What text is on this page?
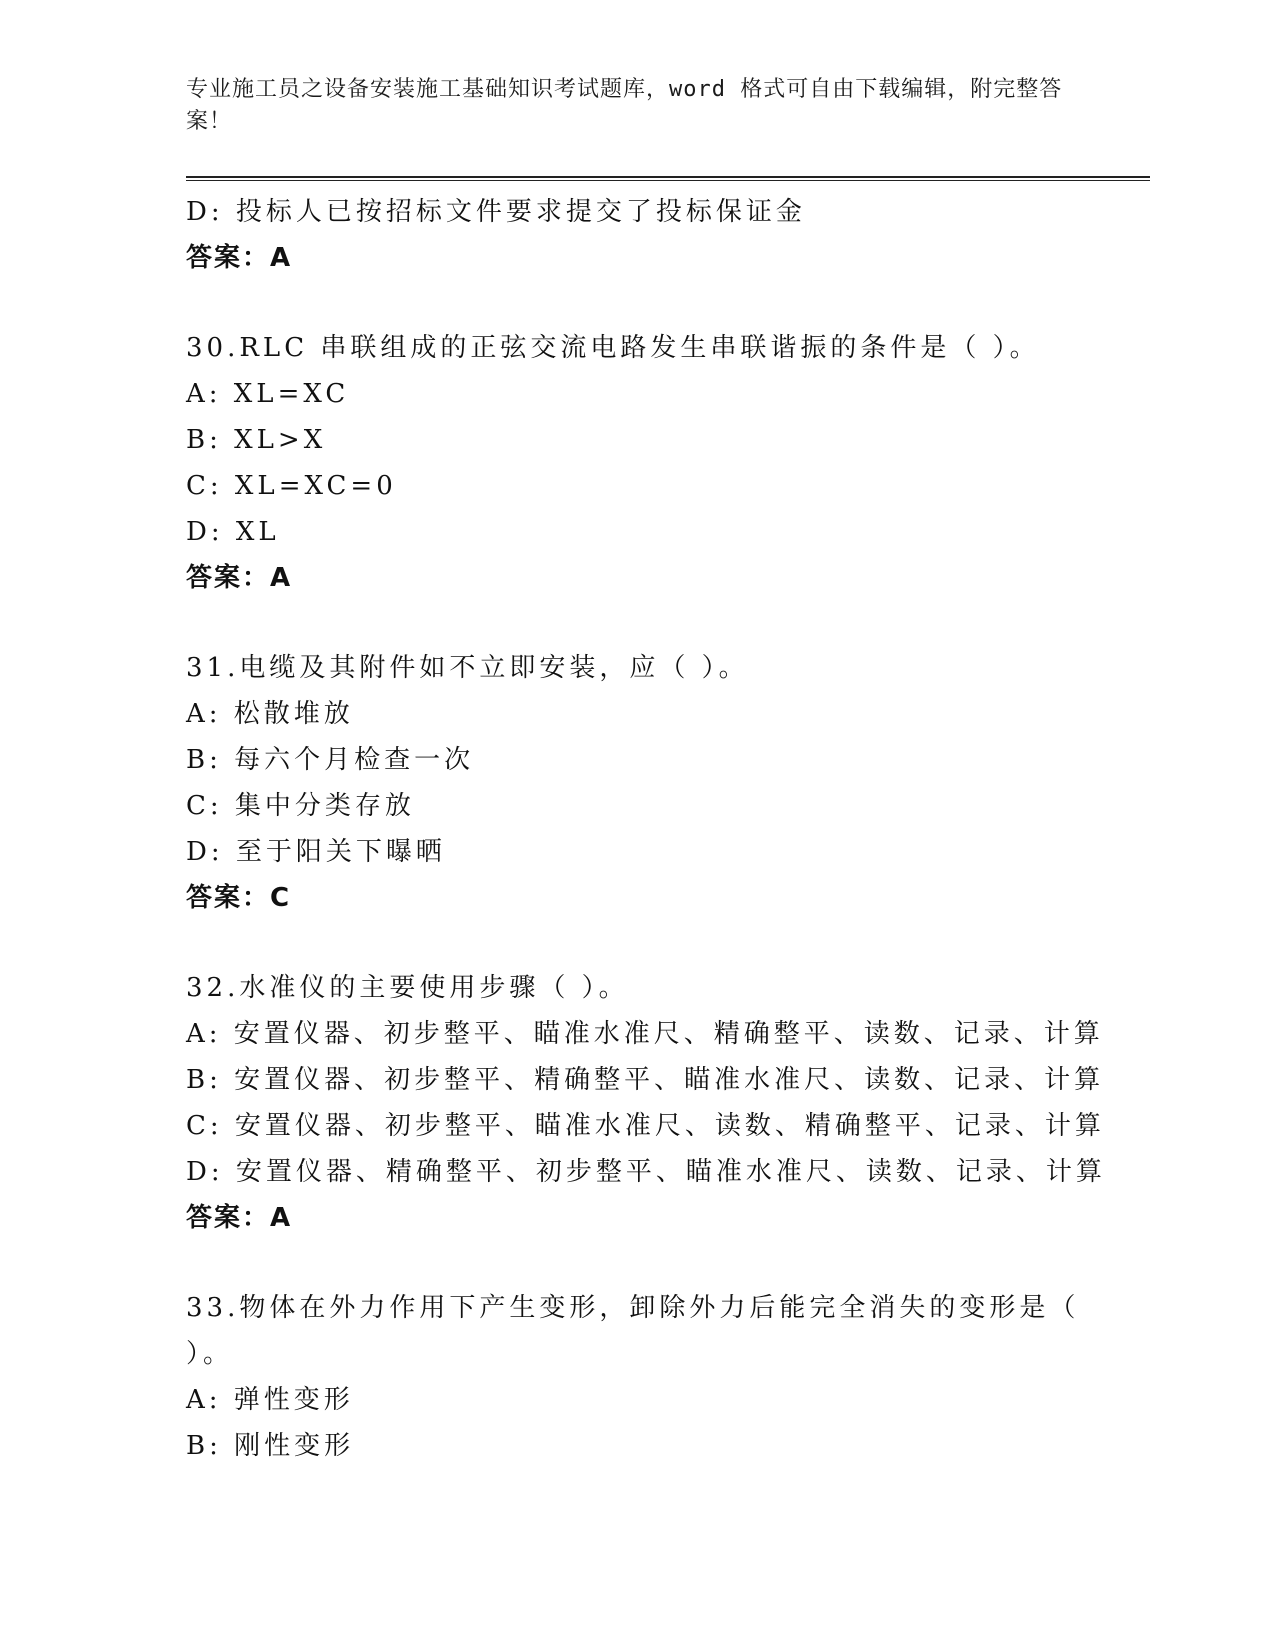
专业施工员之设备安装施工基础知识考试题库，word 格式可自由下载编辑，附完整答案！
D: 投标人已按招标文件要求提交了投标保证金
答案：A
30.RLC 串联组成的正弦交流电路发生串联谐振的条件是（ ）。
A: XL=XC
B: XL>X
C: XL=XC=0
D: XL
答案：A
31.电缆及其附件如不立即安装，应（ ）。
A: 松散堆放
B: 每六个月检查一次
C: 集中分类存放
D: 至于阳关下曝晒
答案：C
32.水准仪的主要使用步骤（ ）。
A: 安置仪器、初步整平、瞄准水准尺、精确整平、读数、记录、计算
B: 安置仪器、初步整平、精确整平、瞄准水准尺、读数、记录、计算
C: 安置仪器、初步整平、瞄准水准尺、读数、精确整平、记录、计算
D: 安置仪器、精确整平、初步整平、瞄准水准尺、读数、记录、计算
答案：A
33.物体在外力作用下产生变形，卸除外力后能完全消失的变形是（
）。
A: 弹性变形
B: 刚性变形
